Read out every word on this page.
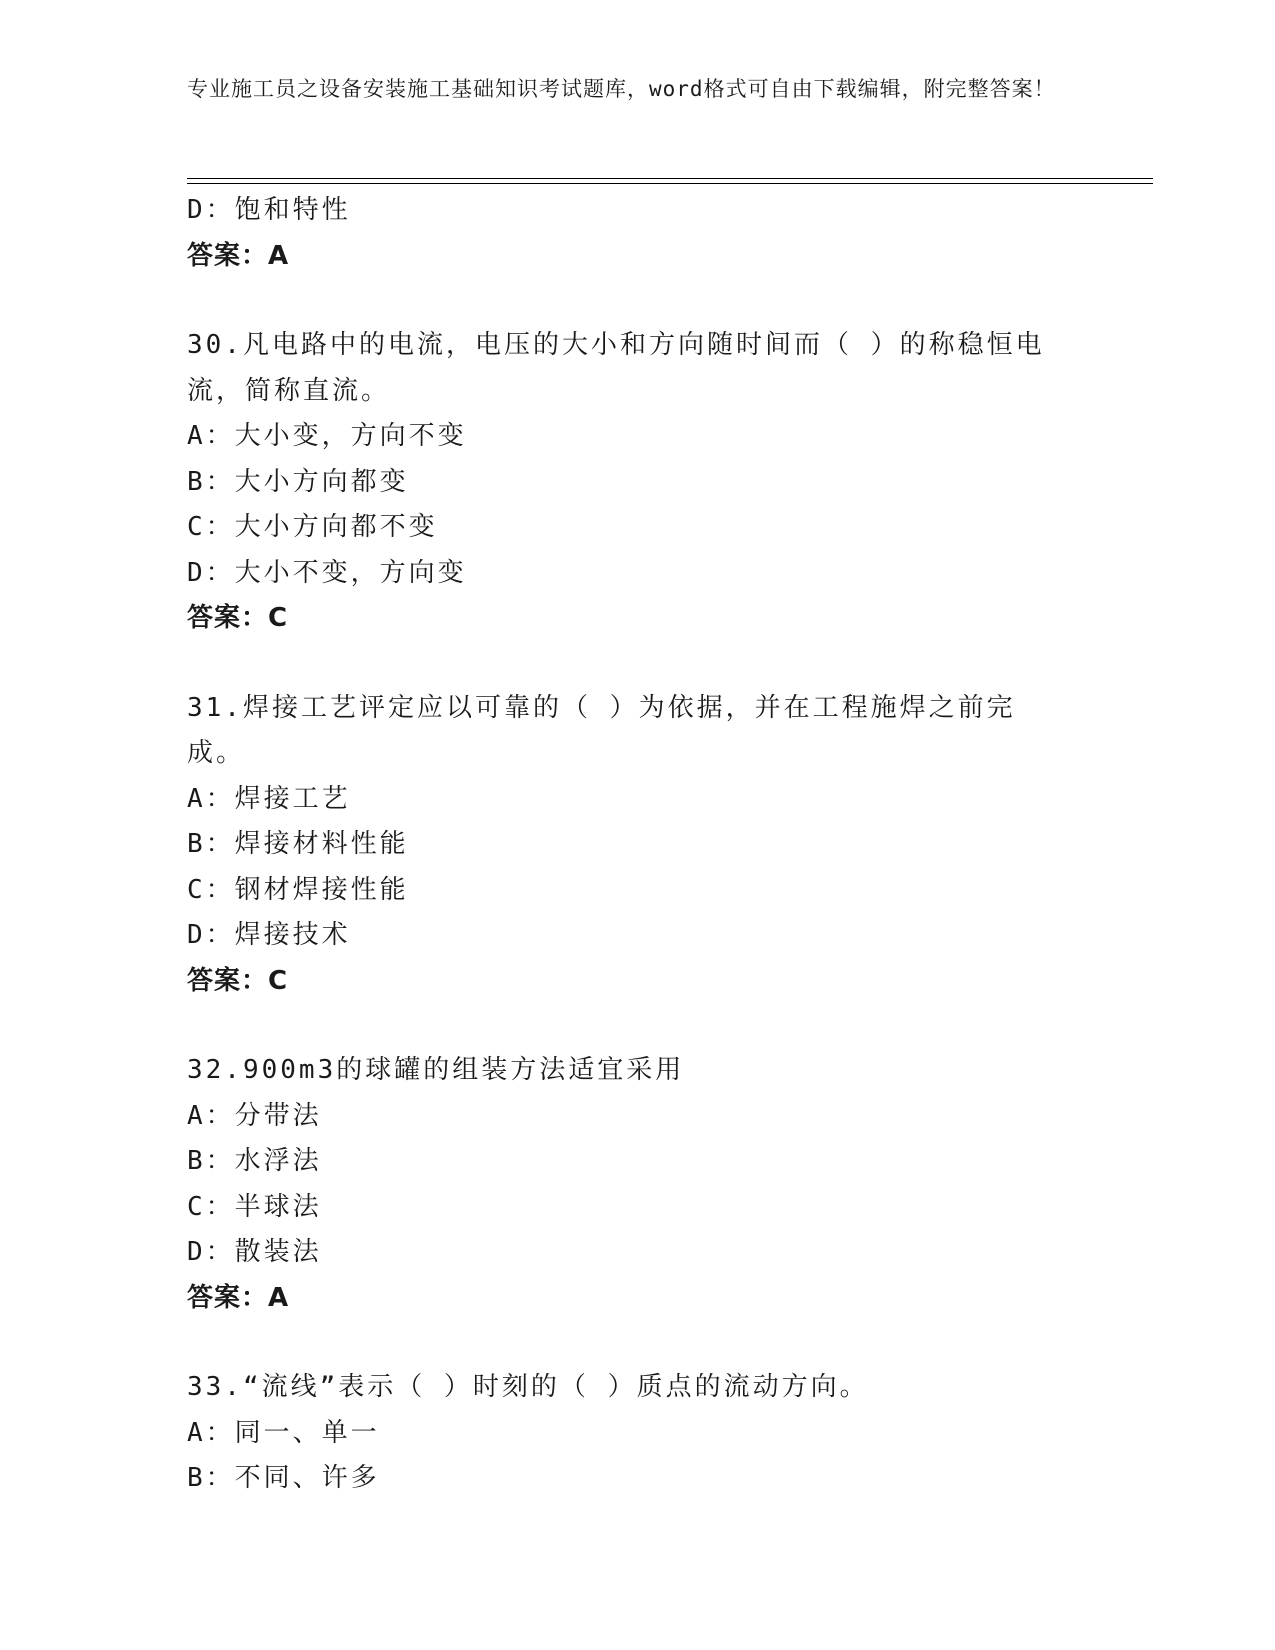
专业施工员之设备安装施工基础知识考试题库，word格式可自由下载编辑，附完整答案！
D：饱和特性
答案：A
30.凡电路中的电流，电压的大小和方向随时间而（ ）的称稳恒电流，简称直流。
A：大小变，方向不变
B：大小方向都变
C：大小方向都不变
D：大小不变，方向变
答案：C
31.焊接工艺评定应以可靠的（ ）为依据，并在工程施焊之前完成。
A：焊接工艺
B：焊接材料性能
C：钢材焊接性能
D：焊接技术
答案：C
32.900m3的球罐的组装方法适宜采用
A：分带法
B：水浮法
C：半球法
D：散装法
答案：A
33.“流线”表示（ ）时刻的（ ）质点的流动方向。
A：同一、单一
B：不同、许多
